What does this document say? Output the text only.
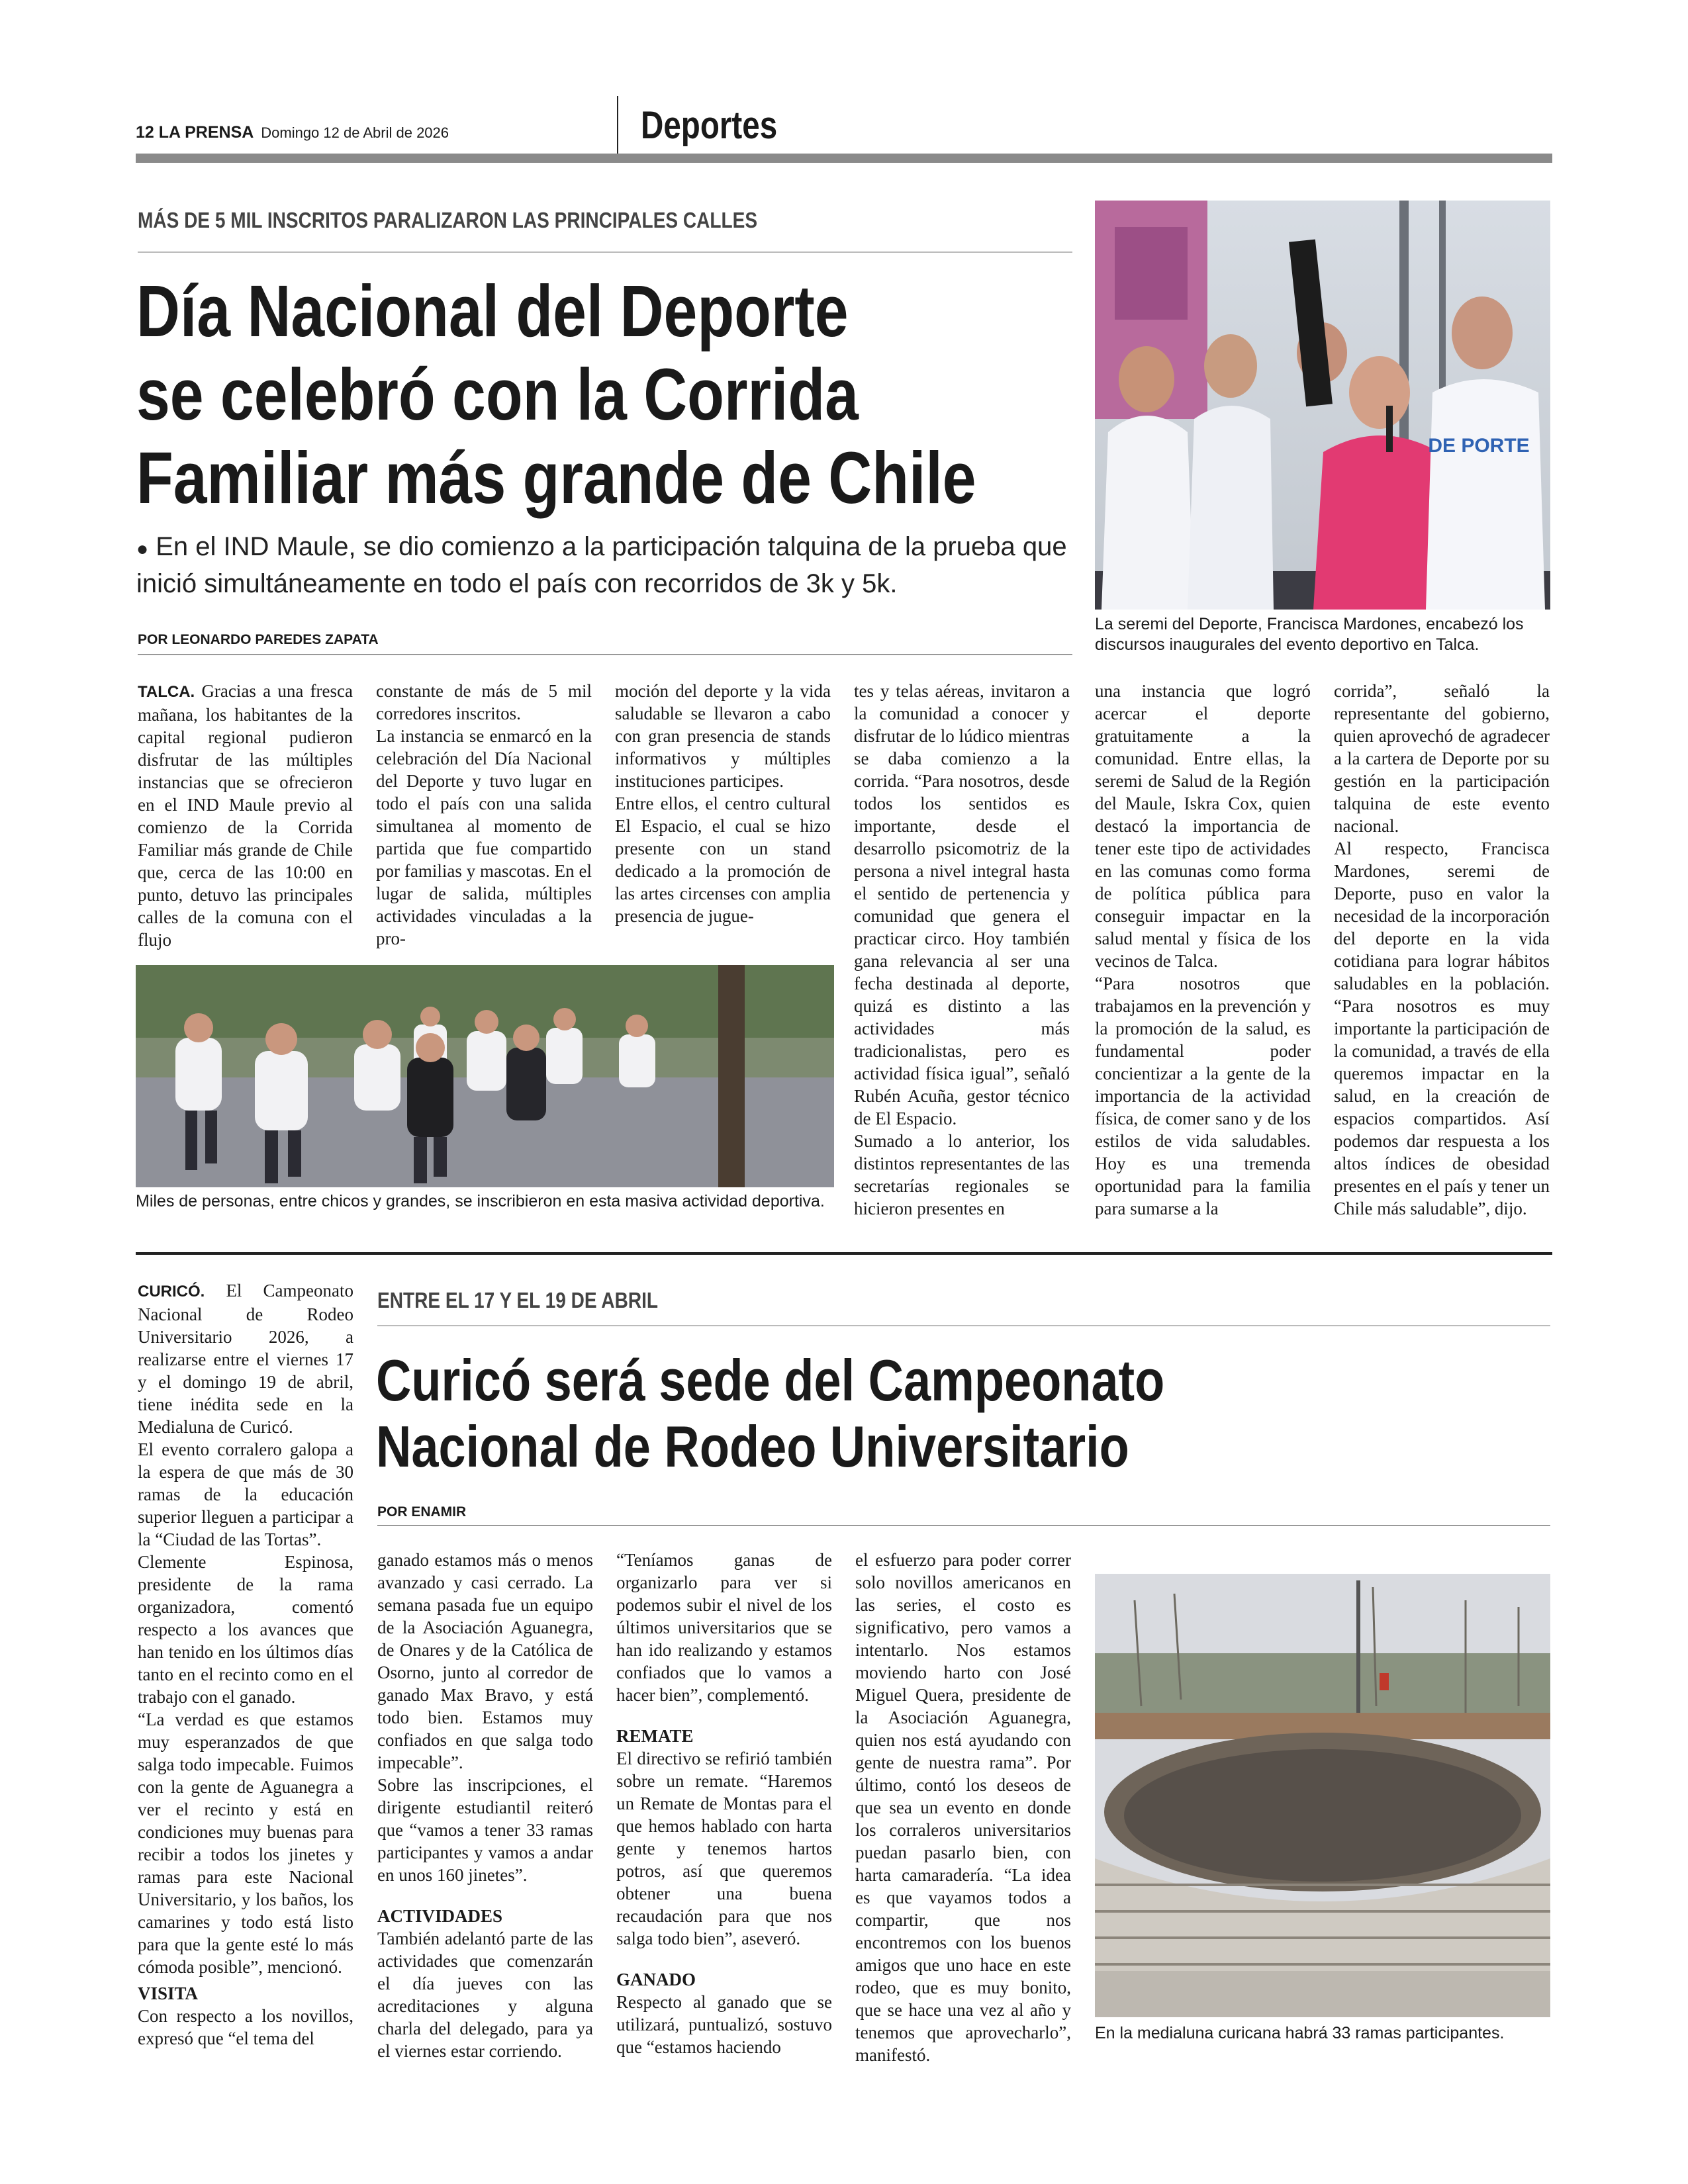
12 LA PRENSA Domingo 12 de Abril de 2026	Deportes
MÁS DE 5 MIL INSCRITOS PARALIZARON LAS PRINCIPALES CALLES
Día Nacional del Deporte
se celebró con la Corrida
Familiar más grande de Chile
● En el IND Maule, se dio comienzo a la participación talquina de la prueba que inició simultáneamente en todo el país con recorridos de 3k y 5k.
POR LEONARDO PAREDES ZAPATA
DE PORTE
La seremi del Deporte, Francisca Mardones, encabezó los discursos inaugurales del evento deportivo en Talca.

TALCA. Gracias a una fresca mañana, los habitantes de la capital regional pudieron disfrutar de las múltiples instancias que se ofrecieron en el IND Maule previo al comienzo de la Corrida Familiar más grande de Chile que, cerca de las 10:00 en punto, detuvo las principales calles de la comuna con el flujo

constante de más de 5 mil corredores inscritos.

La instancia se enmarcó en la celebración del Día Nacional del Deporte y tuvo lugar en todo el país con una salida simultanea al momento de partida que fue compartido por familias y mascotas. En el lugar de salida, múltiples actividades vinculadas a la pro-

moción del deporte y la vida saludable se llevaron a cabo con gran presencia de stands informativos y múltiples instituciones participes.

Entre ellos, el centro cultural El Espacio, el cual se hizo presente con un stand dedicado a la promoción de las artes circenses con amplia presencia de jugue-

Miles de personas, entre chicos y grandes, se inscribieron en esta masiva actividad deportiva.

tes y telas aéreas, invitaron a la comunidad a conocer y disfrutar de lo lúdico mientras se daba comienzo a la corrida. “Para nosotros, desde todos los sentidos es importante, desde el desarrollo psicomotriz de la persona a nivel integral hasta el sentido de pertenencia y comunidad que genera el practicar circo. Hoy también gana relevancia al ser una fecha destinada al deporte, quizá es distinto a las actividades más tradicionalistas, pero es actividad física igual”, señaló Rubén Acuña, gestor técnico de El Espacio.

Sumado a lo anterior, los distintos representantes de las secretarías regionales se hicieron presentes en

una instancia que logró acercar el deporte gratuitamente a la comunidad. Entre ellas, la seremi de Salud de la Región del Maule, Iskra Cox, quien destacó la importancia de tener este tipo de actividades en las comunas como forma de política pública para conseguir impactar en la salud mental y física de los vecinos de Talca.

“Para nosotros que trabajamos en la prevención y la promoción de la salud, es fundamental poder concientizar a la gente de la importancia de la actividad física, de comer sano y de los estilos de vida saludables. Hoy es una tremenda oportunidad para la familia para sumarse a la

corrida”, señaló la representante del gobierno, quien aprovechó de agradecer a la cartera de Deporte por su gestión en la participación talquina de este evento nacional.

Al respecto, Francisca Mardones, seremi de Deporte, puso en valor la necesidad de la incorporación del deporte en la vida cotidiana para lograr hábitos saludables en la población. “Para nosotros es muy importante la participación de la comunidad, a través de ella queremos impactar en la salud, en la creación de espacios compartidos. Así podemos dar respuesta a los altos índices de obesidad presentes en el país y tener un Chile más saludable”, dijo.

CURICÓ. El Campeonato Nacional de Rodeo Universitario 2026, a realizarse entre el viernes 17 y el domingo 19 de abril, tiene inédita sede en la Medialuna de Curicó.

El evento corralero galopa a la espera de que más de 30 ramas de la educación superior lleguen a participar a la “Ciudad de las Tortas”.

Clemente Espinosa, presidente de la rama organizadora, comentó respecto a los avances que han tenido en los últimos días tanto en el recinto como en el trabajo con el ganado.

“La verdad es que estamos muy esperanzados de que salga todo impecable. Fuimos con la gente de Aguanegra a ver el recinto y está en condiciones muy buenas para recibir a todos los jinetes y ramas para este Nacional Universitario, y los baños, los camarines y todo está listo para que la gente esté lo más cómoda posible”, mencionó.

VISITA

Con respecto a los novillos, expresó que “el tema del

ENTRE EL 17 Y EL 19 DE ABRIL
Curicó será sede del Campeonato
Nacional de Rodeo Universitario
POR ENAMIR

ganado estamos más o menos avanzado y casi cerrado. La semana pasada fue un equipo de la Asociación Aguanegra, de Onares y de la Católica de Osorno, junto al corredor de ganado Max Bravo, y está todo bien. Estamos muy confiados en que salga todo impecable”.

Sobre las inscripciones, el dirigente estudiantil reiteró que “vamos a tener 33 ramas participantes y vamos a andar en unos 160 jinetes”.

ACTIVIDADES

También adelantó parte de las actividades que comenzarán el día jueves con las acreditaciones y alguna charla del delegado, para ya el viernes estar corriendo.

“Teníamos ganas de organizarlo para ver si podemos subir el nivel de los últimos universitarios que se han ido realizando y estamos confiados que lo vamos a hacer bien”, complementó.

REMATE

El directivo se refirió también sobre un remate. “Haremos un Remate de Montas para el que hemos hablado con harta gente y tenemos hartos potros, así que queremos obtener una buena recaudación para que nos salga todo bien”, aseveró.

GANADO

Respecto al ganado que se utilizará, puntualizó, sostuvo que “estamos haciendo

el esfuerzo para poder correr solo novillos americanos en las series, el costo es significativo, pero vamos a intentarlo. Nos estamos moviendo harto con José Miguel Quera, presidente de la Asociación Aguanegra, quien nos está ayudando con gente de nuestra rama”. Por último, contó los deseos de que sea un evento en donde los corraleros universitarios puedan pasarlo bien, con harta camaradería. “La idea es que vayamos todos a compartir, que nos encontremos con los buenos amigos que uno hace en este rodeo, que es muy bonito, que se hace una vez al año y tenemos que aprovecharlo”, manifestó.

En la medialuna curicana habrá 33 ramas participantes.
